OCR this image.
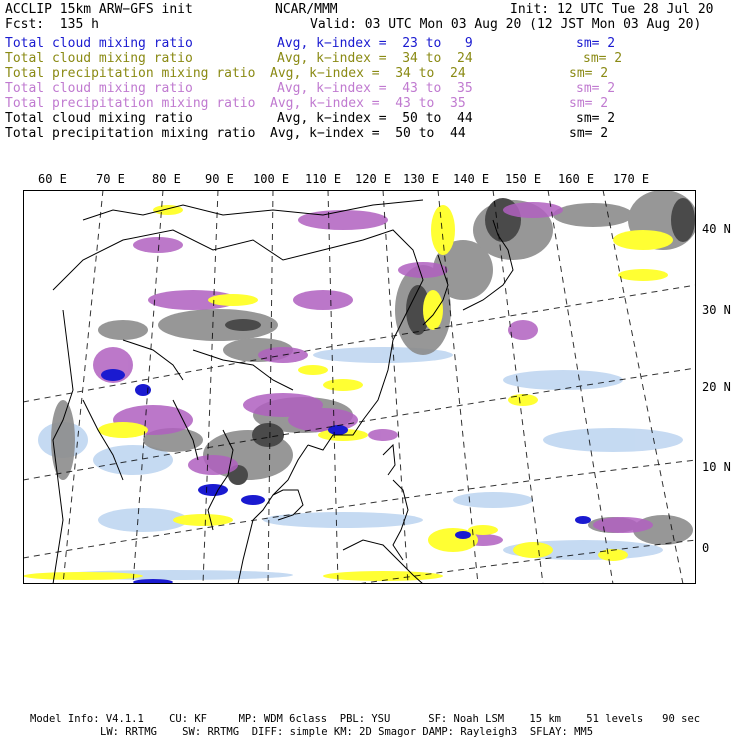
ACCLIP 15km ARW−GFS init	NCAR/MMM	Init: 12 UTC Tue 28 Jul 20
Fcst:  135 h	Valid: 03 UTC Mon 03 Aug 20 (12 JST Mon 03 Aug 20)
Total cloud mixing ratio	Avg, k−index =  23 to   9	sm= 2
Total cloud mixing ratio	Avg, k−index =  34 to  24	sm= 2
Total precipitation mixing ratio Avg, k−index =  34 to  24	sm= 2
Total cloud mixing ratio	Avg, k−index =  43 to  35	sm= 2
Total precipitation mixing ratio Avg, k−index =  43 to  35	sm= 2
Total cloud mixing ratio	Avg, k−index =  50 to  44	sm= 2
Total precipitation mixing ratio Avg, k−index =  50 to  44	sm= 2
60 E 70 E 80 E 90 E 100 E 110 E 120 E 130 E 140 E 150 E 160 E 170 E
40 N
30 N
20 N
10 N
0
Model Info: V4.1.1    CU: KF     MP: WDM 6class  PBL: YSU      SF: Noah LSM    15 km    51 levels   90 sec
LW: RRTMG    SW: RRTMG  DIFF: simple KM: 2D Smagor DAMP: Rayleigh3  SFLAY: MM5
